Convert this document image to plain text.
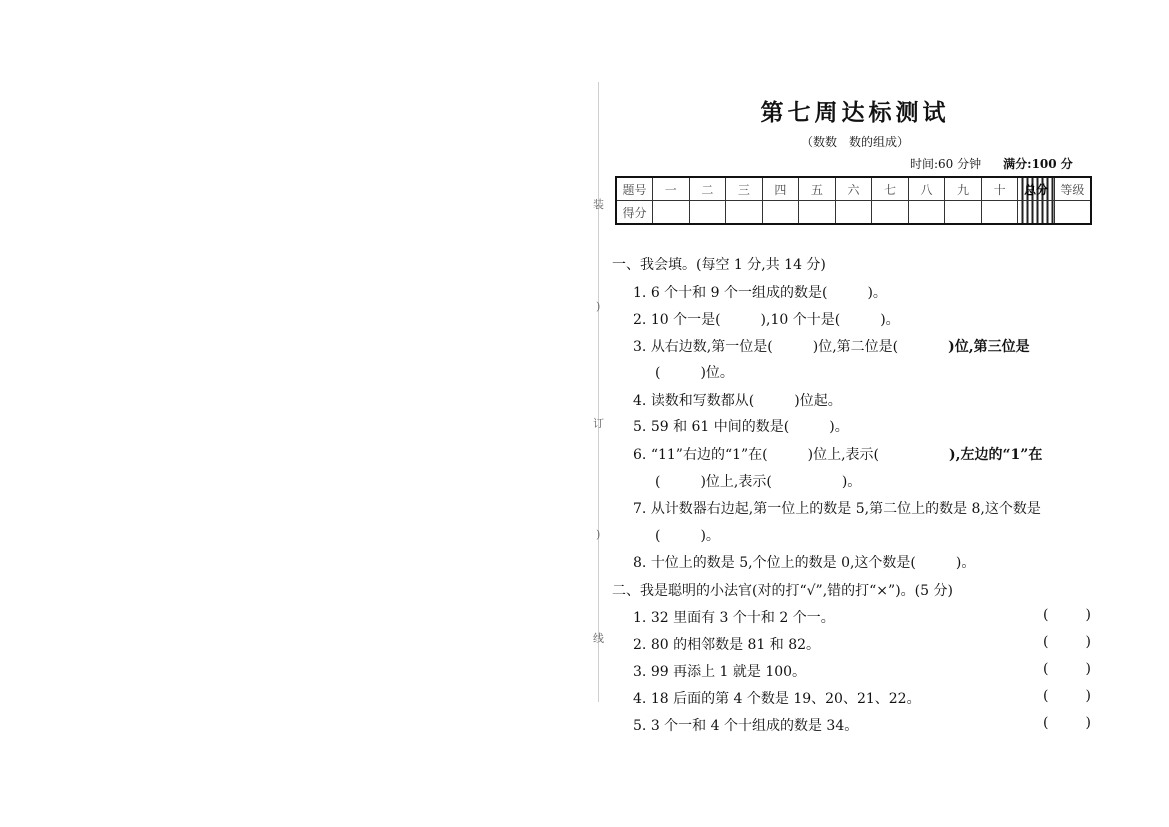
装
)
订
)
线
第七周达标测试
（数数　数的组成）
时间:60 分钟 满分:100 分
题号	一	二	三	四	五	六	七	八	九	十	总分	等级
得分												
一、我会填。(每空 1 分,共 14 分)
1. 6 个十和 9 个一组成的数是(	)。
2. 10 个一是(	),10 个十是(	)。
3. 从右边数,第一位是(	)位,第二位是(	)位,第三位是
(	)位。
4. 读数和写数都从(	)位起。
5. 59 和 61 中间的数是(	)。
6. “11”右边的“1”在(	)位上,表示(	),左边的“1”在
(	)位上,表示(	)。
7. 从计数器右边起,第一位上的数是 5,第二位上的数是 8,这个数是
(	)。
8. 十位上的数是 5,个位上的数是 0,这个数是(	)。
二、我是聪明的小法官(对的打“√”,错的打“×”)。(5 分)
1. 32 里面有 3 个十和 2 个一。	(	)
2. 80 的相邻数是 81 和 82。	(	)
3. 99 再添上 1 就是 100。	(	)
4. 18 后面的第 4 个数是 19、20、21、22。	(	)
5. 3 个一和 4 个十组成的数是 34。	(	)
